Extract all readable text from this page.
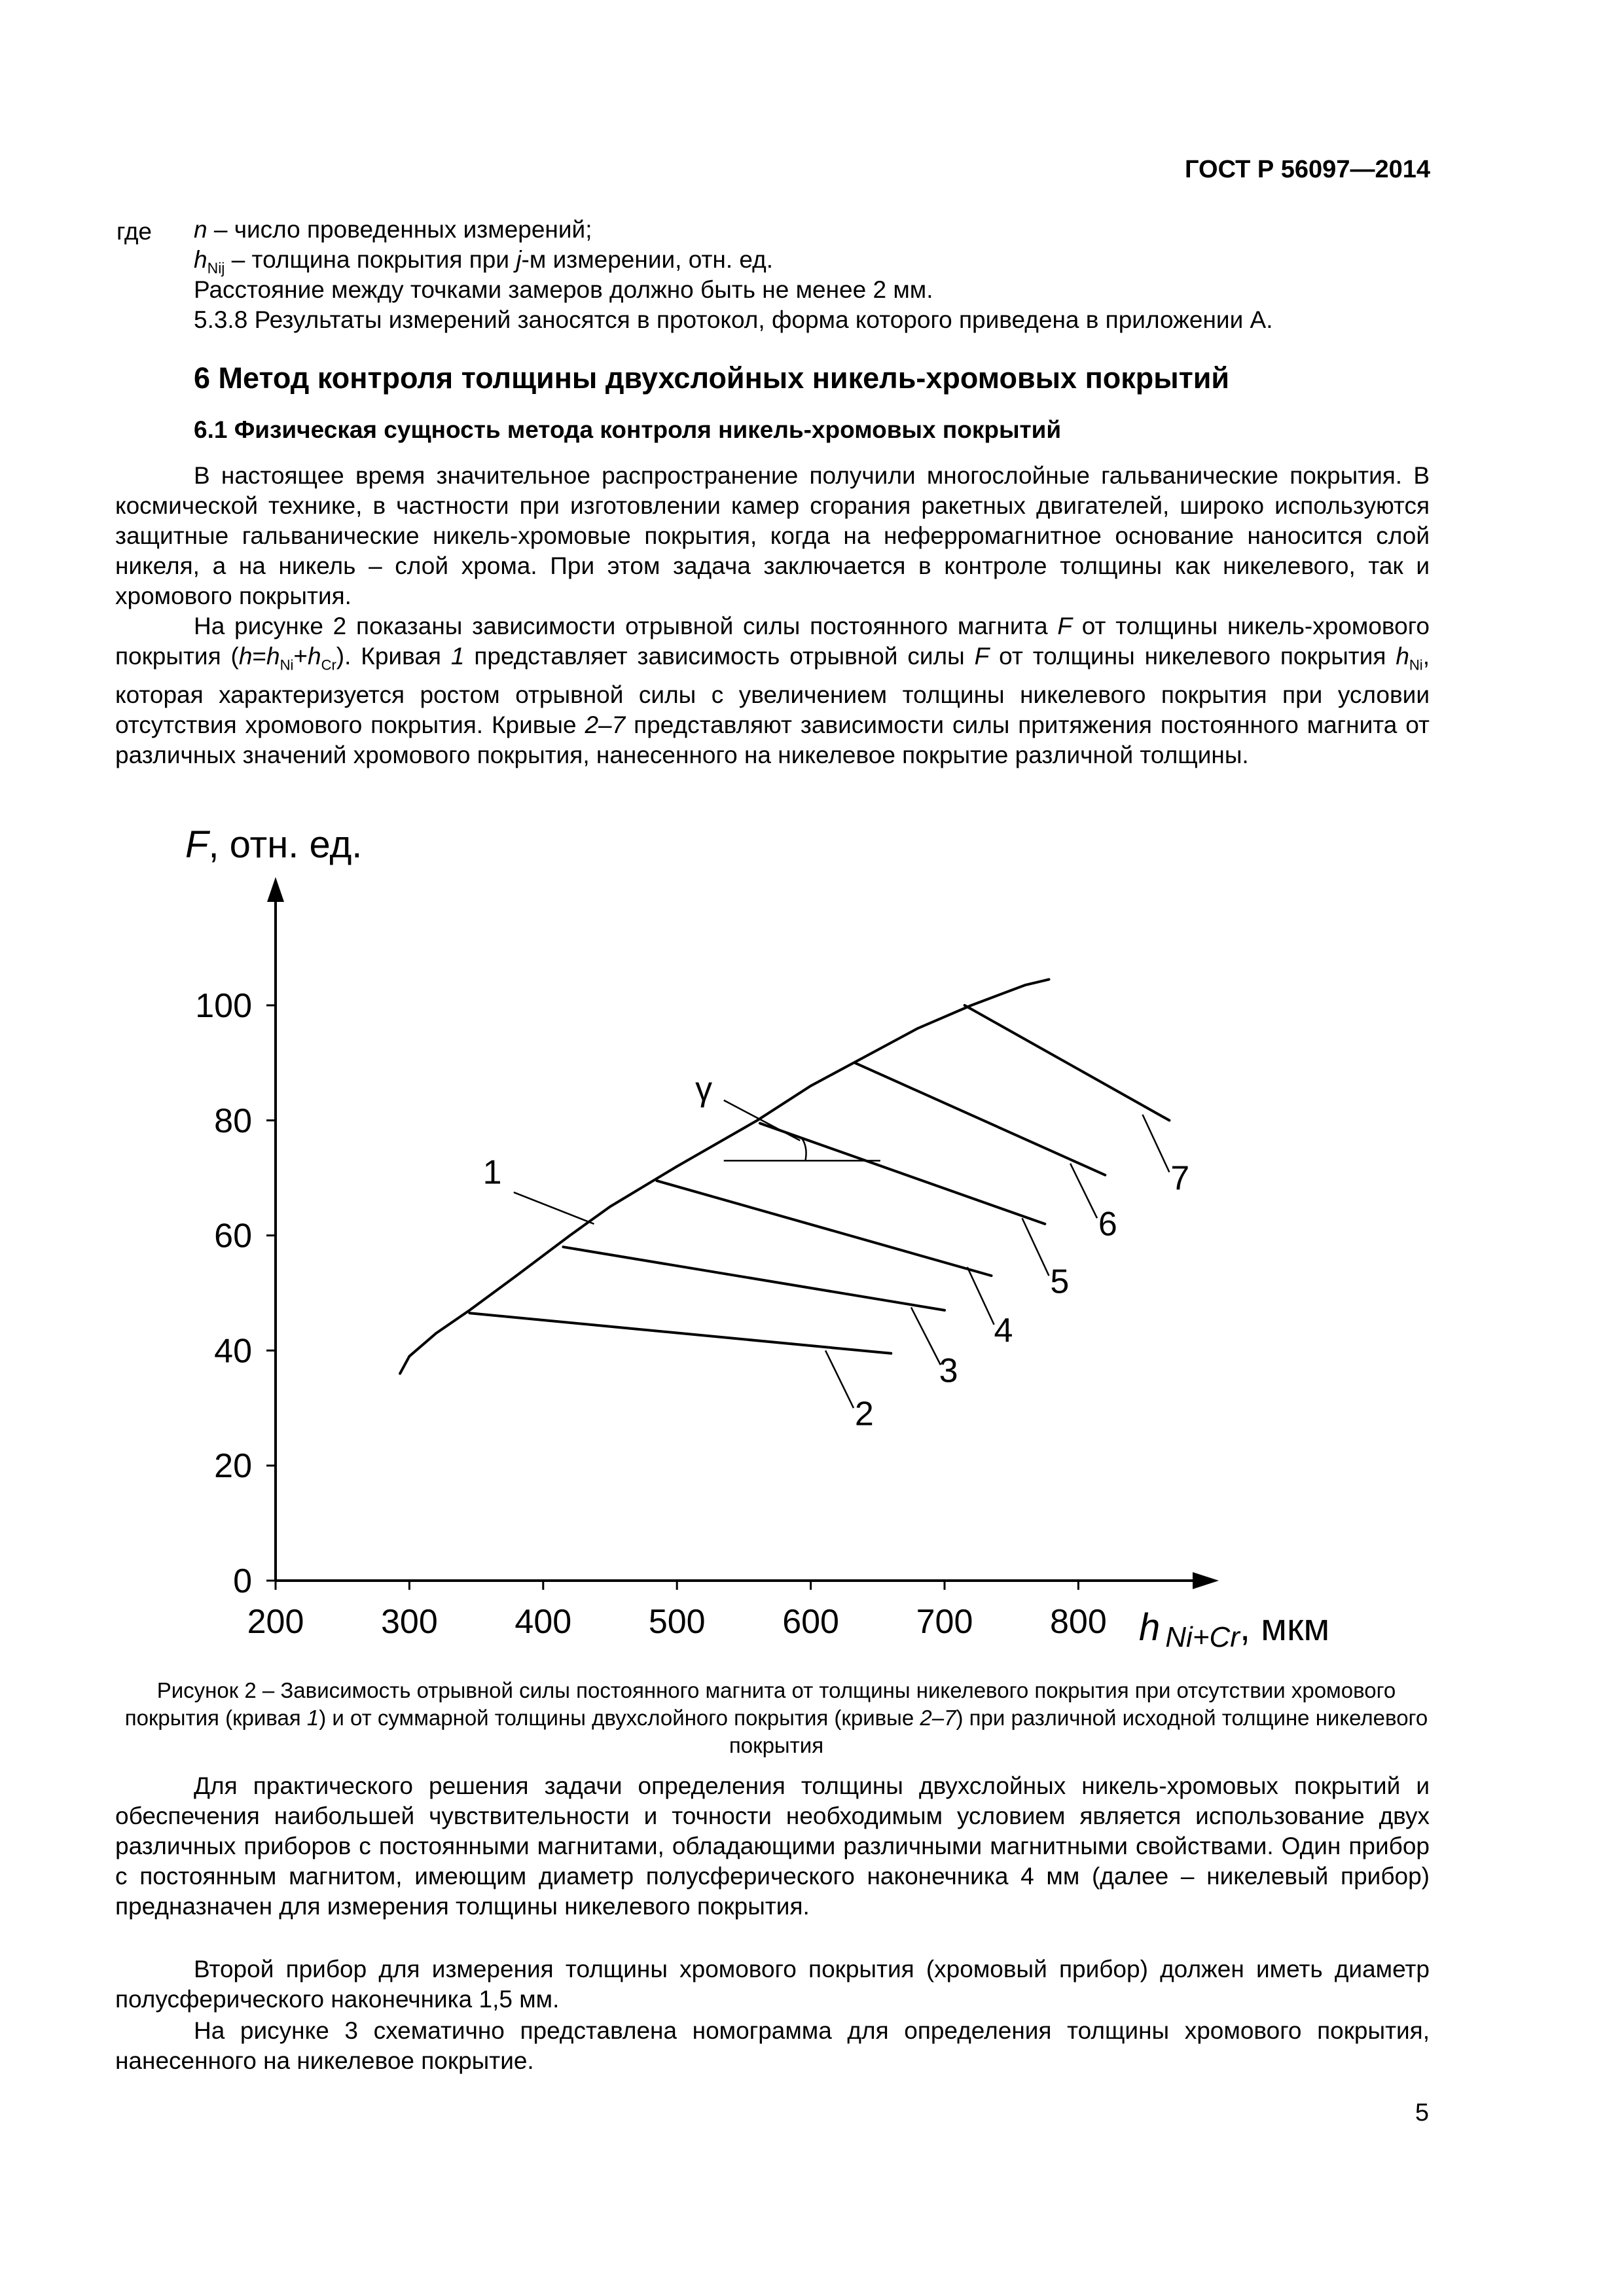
ГОСТ Р 56097—2014
где n – число проведенных измерений;
$h_{Nij}$ – толщина покрытия при j-м измерении, отн. ед.
Расстояние между точками замеров должно быть не менее 2 мм.
5.3.8 Результаты измерений заносятся в протокол, форма которого приведена в приложении А.
6 Метод контроля толщины двухслойных никель-хромовых покрытий
6.1 Физическая сущность метода контроля никель-хромовых покрытий
В настоящее время значительное распространение получили многослойные гальванические покрытия. В космической технике, в частности при изготовлении камер сгорания ракетных двигателей, широко используются защитные гальванические никель-хромовые покрытия, когда на неферромагнитное основание наносится слой никеля, а на никель – слой хрома. При этом задача заключается в контроле толщины как никелевого, так и хромового покрытия.
На рисунке 2 показаны зависимости отрывной силы постоянного магнита F от толщины никель-хромового покрытия $(h=h_{Ni}+h_{Cr})$. Кривая 1 представляет зависимость отрывной силы F от толщины никелевого покрытия $h_{Ni}$, которая характеризуется ростом отрывной силы с увеличением толщины никелевого покрытия при условии отсутствия хромового покрытия. Кривые 2–7 представляют зависимости силы притяжения постоянного магнита от различных значений хромового покрытия, нанесенного на никелевое покрытие различной толщины.
200 300 400 500 600 700 800
0
20
40
60
80
100
1
2
3
4
5
6
7
γ
F, отн. ед.
h Ni+Cr, мкм
Рисунок 2 – Зависимость отрывной силы постоянного магнита от толщины никелевого покрытия при отсутствии хромового покрытия (кривая 1) и от суммарной толщины двухслойного покрытия (кривые 2–7) при различной исходной толщине никелевого покрытия
Для практического решения задачи определения толщины двухслойных никель-хромовых покрытий и обеспечения наибольшей чувствительности и точности необходимым условием является использование двух различных приборов с постоянными магнитами, обладающими различными магнитными свойствами. Один прибор с постоянным магнитом, имеющим диаметр полусферического наконечника 4 мм (далее – никелевый прибор) предназначен для измерения толщины никелевого покрытия.
Второй прибор для измерения толщины хромового покрытия (хромовый прибор) должен иметь диаметр полусферического наконечника 1,5 мм.
На рисунке 3 схематично представлена номограмма для определения толщины хромового покрытия, нанесенного на никелевое покрытие.
5
